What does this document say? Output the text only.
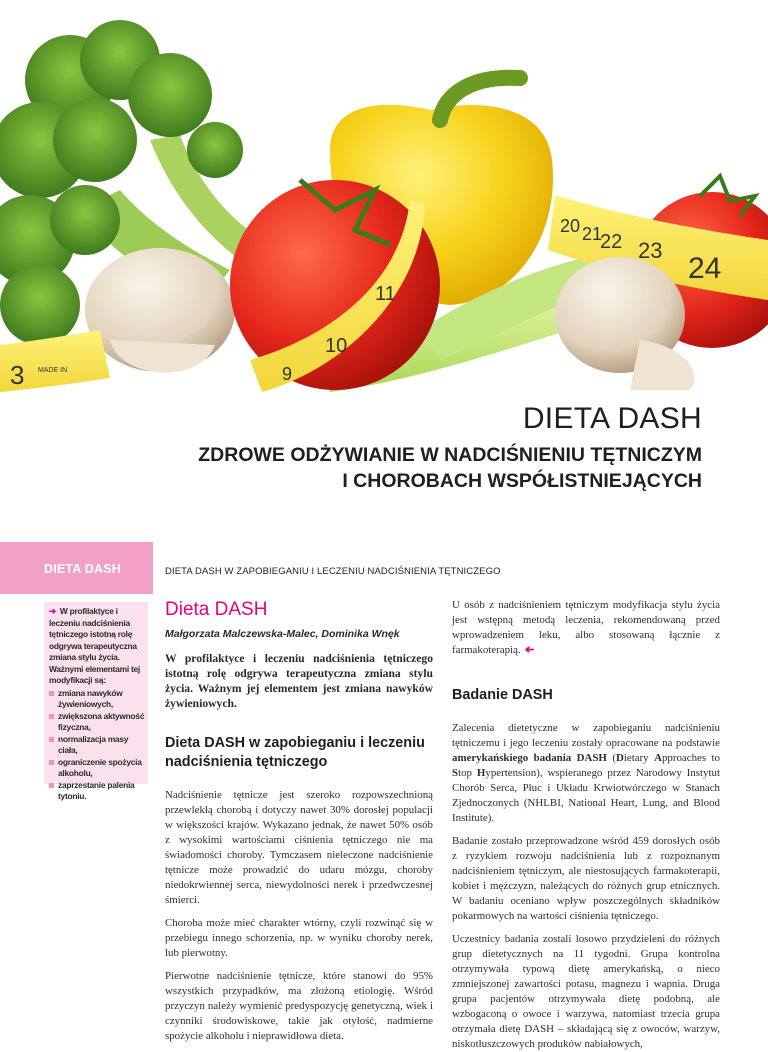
20 21
22 23
24
9
10
11
3 MADE IN
DIETA DASH
ZDROWE ODŻYWIANIE W NADCIŚNIENIU TĘTNICZYM
I CHOROBACH WSPÓŁISTNIEJĄCYCH
DIETA DASH	DIETA DASH W ZAPOBIEGANIU I LECZENIU NADCIŚNIENIA TĘTNICZEGO
➔ W profilaktyce i leczeniu nadciśnienia tętniczego istotną rolę odgrywa terapeutyczna zmiana stylu życia. Ważnymi elementami tej modyfikacji są:
zmiana nawyków żywieniowych,
zwiększona aktywność fizyczna,
normalizacja masy ciała,
ograniczenie spożycia alkoholu,
zaprzestanie palenia tytoniu.
Dieta DASH

Małgorzata Malczewska-Malec, Dominika Wnęk

W profilaktyce i leczeniu nadciśnienia tętniczego istotną rolę odgrywa terapeutyczna zmiana stylu życia. Ważnym jej elementem jest zmiana nawyków żywieniowych.

Dieta DASH w zapobieganiu i leczeniu nadciśnienia tętniczego

Nadciśnienie tętnicze jest szeroko rozpowszechnioną przewlekłą chorobą i dotyczy nawet 30% dorosłej populacji w większości krajów. Wykazano jednak, że nawet 50% osób z wysokimi wartościami ciśnienia tętniczego nie ma świadomości choroby. Tymczasem nieleczone nadciśnienie tętnicze może prowadzić do udaru mózgu, choroby niedokrwiennej serca, niewydolności nerek i przedwczesnej śmierci.

Choroba może mieć charakter wtórny, czyli rozwinąć się w przebiegu innego schorzenia, np. w wyniku choroby nerek, lub pierwotny.

Pierwotne nadciśnienie tętnicze, które stanowi do 95% wszystkich przypadków, ma złożoną etiologię. Wśród przyczyn należy wymienić predyspozycję genetyczną, wiek i czynniki środowiskowe, takie jak otyłość, nadmierne spożycie alkoholu i nieprawidłowa dieta.

U osób z nadciśnieniem tętniczym modyfikacja stylu życia jest wstępną metodą leczenia, rekomendowaną przed wprowadzeniem leku, albo stosowaną łącznie z farmakoterapią. ➔

Badanie DASH

Zalecenia dietetyczne w zapobieganiu nadciśnieniu tętniczemu i jego leczeniu zostały opracowane na podstawie amerykańskiego badania DASH (Dietary Approaches to Stop Hypertension), wspieranego przez Narodowy Instytut Chorób Serca, Płuc i Układu Krwiotwórczego w Stanach Zjednoczonych (NHLBI, National Heart, Lung, and Blood Institute).

Badanie zostało przeprowadzone wśród 459 dorosłych osób z ryzykiem rozwoju nadciśnienia lub z rozpoznanym nadciśnieniem tętniczym, ale niestosujących farmakoterapii, kobiet i mężczyzn, należących do różnych grup etnicznych. W badaniu oceniano wpływ poszczególnych składników pokarmowych na wartości ciśnienia tętniczego.

Uczestnicy badania zostali losowo przydzieleni do różnych grup dietetycznych na 11 tygodni. Grupa kontrolna otrzymywała typową dietę amerykańską, o nieco zmniejszonej zawartości potasu, magnezu i wapnia. Druga grupa pacjentów otrzymywała dietę podobną, ale wzbogaconą o owoce i warzywa, natomiast trzecia grupa otrzymała dietę DASH – składającą się z owoców, warzyw, niskotłuszczowych produków nabiałowych,
